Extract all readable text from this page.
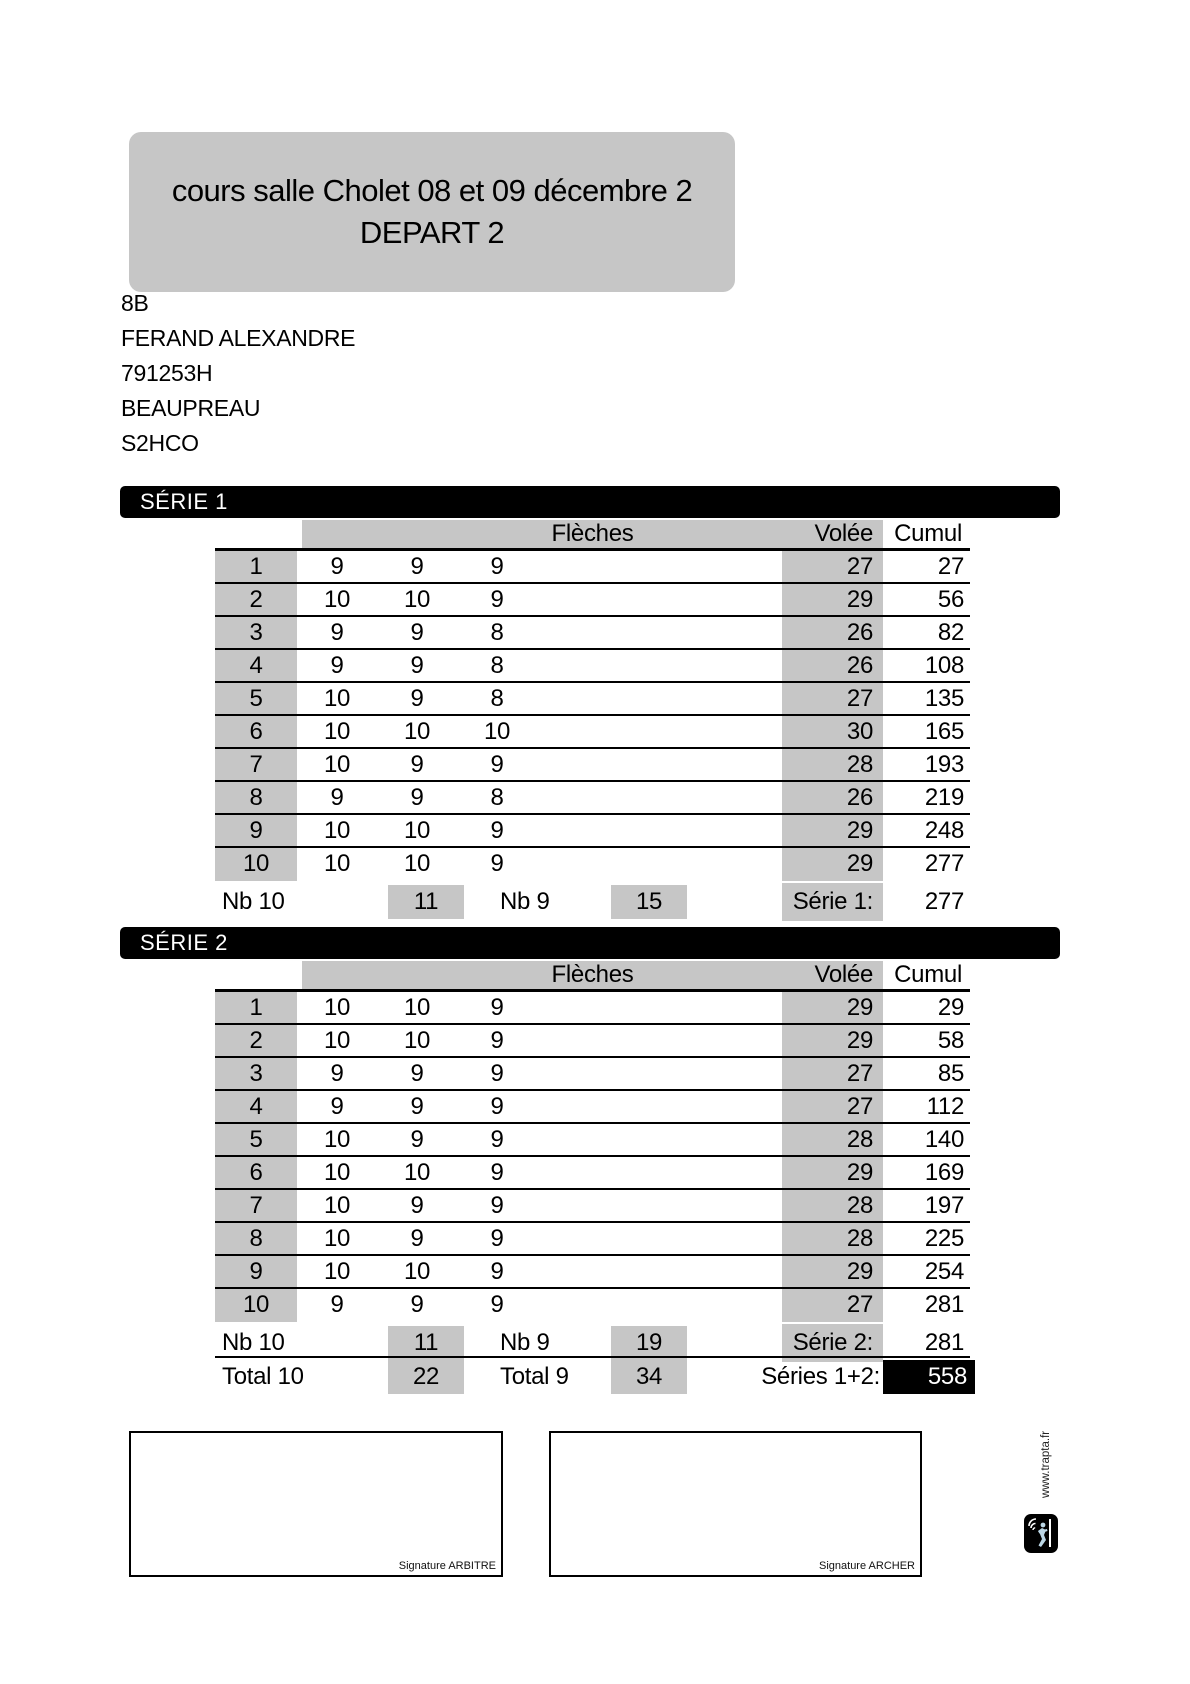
cours salle Cholet 08 et 09 décembre 2
DEPART 2
8B
FERAND ALEXANDRE
791253H
BEAUPREAU
S2HCO
SÉRIE 1
Flèches	Volée Cumul
1	9	9	9	27	27
2	10	10	9	29	56
3	9	9	8	26	82
4	9	9	8	26	108
5	10	9	8	27	135
6	10	10	10	30	165
7	10	9	9	28	193
8	9	9	8	26	219
9	10	10	9	29	248
10	10	10	9	29	277
Nb 10	11	Nb 9	15	Série 1:	277
SÉRIE 2
Flèches	Volée Cumul
1	10	10	9	29	29
2	10	10	9	29	58
3	9	9	9	27	85
4	9	9	9	27	112
5	10	9	9	28	140
6	10	10	9	29	169
7	10	9	9	28	197
8	10	9	9	28	225
9	10	10	9	29	254
10	9	9	9	27	281
Nb 10	11	Nb 9	19	Série 2:	281
Total 10	22	Total 9	34	Séries 1+2:	558
Signature ARBITRE	Signature ARCHER
www.trapta.fr
